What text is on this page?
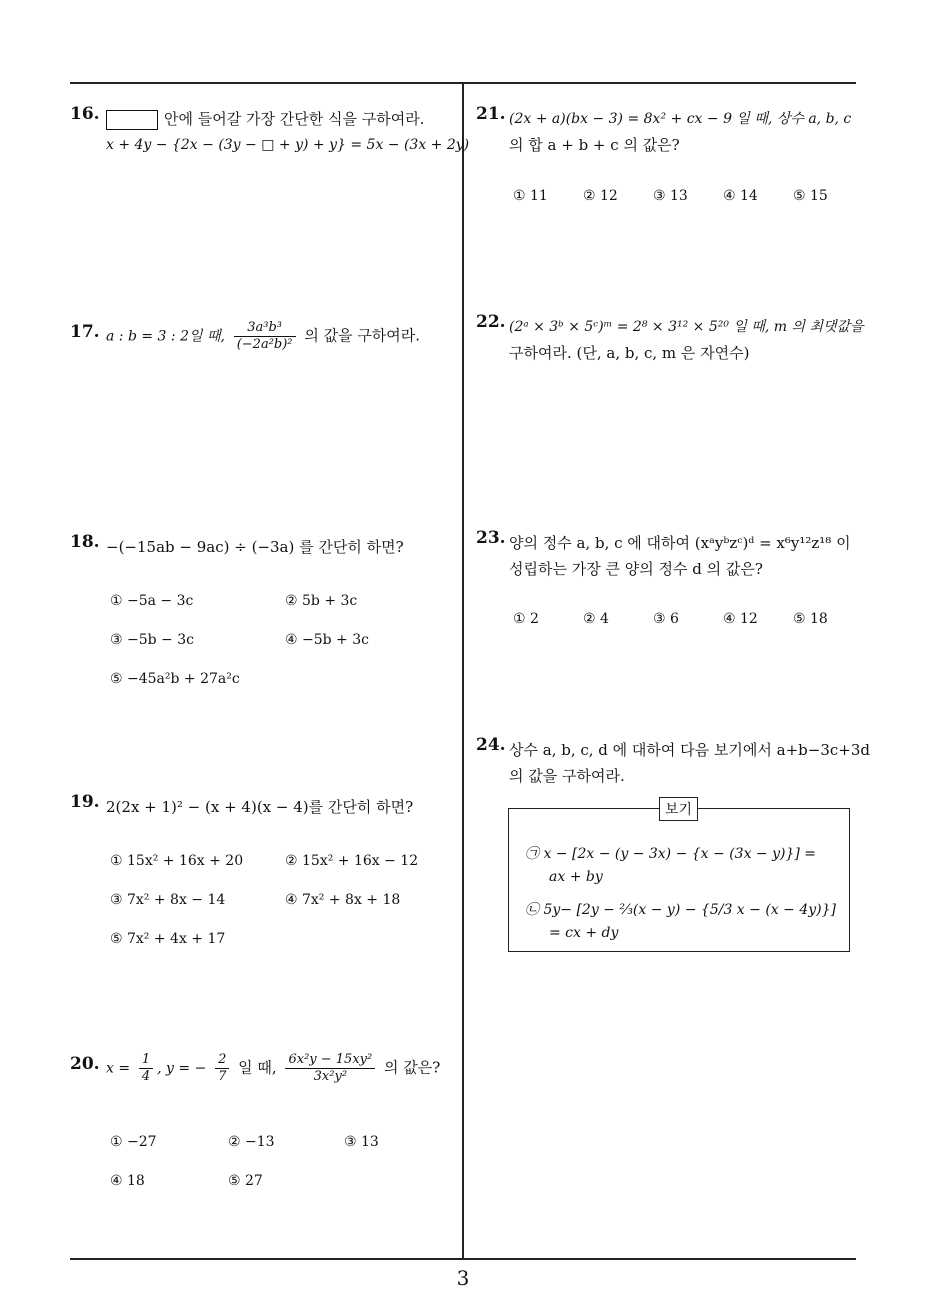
16.	안에 들어갈 가장 간단한 식을 구하여라.
x + 4y − {2x − (3y − □ + y) + y} = 5x − (3x + 2y)
17. a : b = 3 : 2일 때, $\frac{\text{3a³b³}}{\text{(−2a²b)²}}$ 의 값을 구하여라.
18. −(−15ab − 9ac) ÷ (−3a) 를 간단히 하면?
① −5a − 3c	② 5b + 3c
③ −5b − 3c	④ −5b + 3c
⑤ −45a²b + 27a²c
19. 2(2x + 1)² − (x + 4)(x − 4)를 간단히 하면?
① 15x² + 16x + 20	② 15x² + 16x − 12
③ 7x² + 8x − 14	④ 7x² + 8x + 18
⑤ 7x² + 4x + 17
20. $x = \frac{1}{4}$ , y = − $\frac{2}{7}$ 일 때, $\frac{\text{6x²y − 15xy²}}{\text{3x²y²}}$ 의 값은?
① −27	② −13	③ 13
④ 18	⑤ 27
21. (2x + a)(bx − 3) = 8x² + cx − 9 일 때, 상수 a, b, c
의 합 a + b + c 의 값은?
① 11	② 12	③ 13	④ 14	⑤ 15
22. (2ᵃ × 3ᵇ × 5ᶜ)ᵐ = 2⁸ × 3¹² × 5²⁰ 일 때, m 의 최댓값을
구하여라. (단, a, b, c, m 은 자연수)
23. 양의 정수 a, b, c 에 대하여 (xᵃyᵇzᶜ)ᵈ = x⁶y¹²z¹⁸ 이
성립하는 가장 큰 양의 정수 d 의 값은?
① 2	② 4	③ 6	④ 12	⑤ 18
24. 상수 a, b, c, d 에 대하여 다음 보기에서 a+b−3c+3d
의 값을 구하여라.
보기
㉠ x − [2x − (y − 3x) − {x − (3x − y)}] =
ax + by
㉡ 5y− [2y − ⅔(x − y) − {5/3 x − (x − 4y)}]
= cx + dy
3
